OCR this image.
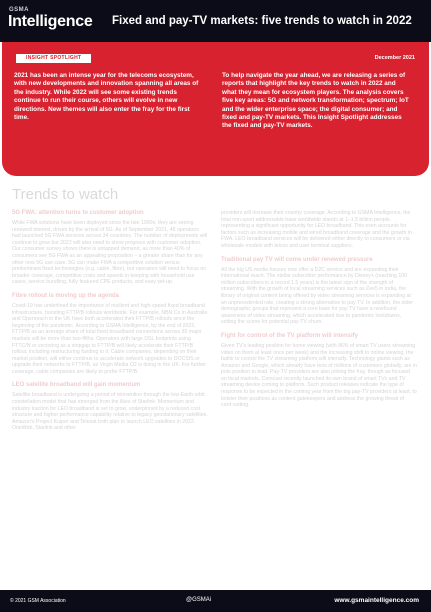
GSMA
Intelligence Fixed and pay-TV markets: five trends to watch in 2022
INSIGHT SPOTLIGHT	December 2021
2021 has been an intense year for the telecoms ecosystem, with new developments and innovation spanning all areas of the industry. While 2022 will see some existing trends continue to run their course, others will evolve in new directions. New themes will also enter the fray for the first time.
To help navigate the year ahead, we are releasing a series of reports that highlight the key trends to watch in 2022 and what they mean for ecosystem players. The analysis covers five key areas: 5G and network transformation; spectrum; IoT and the wider enterprise space; the digital consumer; and fixed and pay-TV markets. This Insight Spotlight addresses the fixed and pay-TV markets.
Trends to watch
5G FWA: attention turns to customer adoption
While FWA solutions have been deployed since the late 1990s, they are seeing renewed interest, driven by the arrival of 5G. As of September 2021, 48 operators had launched 5G FWA services across 34 countries. The number of deployments will continue to grow but 2022 will also need to show progress with customer adoption. Our consumer survey shows there is untapped demand, as more than 40% of consumers see 5G FWA as an appealing proposition – a greater share than for any other new 5G use case. 5G can make FWA a competitive solution versus predominant fixed technologies (e.g. cable, fibre), but operators will need to focus on broader coverage, competitive costs and speeds in keeping with household use cases, service bundling, fully featured CPE products, and easy set-up.
Fibre rollout is moving up the agenda
Covid-19 has underlined the importance of resilient and high-speed fixed broadband infrastructure, boosting FTTP/B rollouts worldwide. For example, NBN Co in Australia and Openreach in the UK have both accelerated their FTTP/B rollouts since the beginning of the pandemic. According to GSMA Intelligence, by the end of 2022, FTTP/B as an average share of total fixed broadband connections across 30 major markets will be more than two-fifths. Operators with large DSL footprints using FTTC/N or vectoring as a stopgap to FTTP/B will likely accelerate their FTTP/B rollout, including restructuring funding to it. Cable companies, depending on their market position, will either continue to accelerate network upgrades to DOCSIS or upgrade their networks to FTTP/B, as Virgin Media O2 is doing in the UK. For further coverage, cable companies are likely to prefer FTTP/B.
LEO satellite broadband will gain momentum
Satellite broadband is undergoing a period of reinvention through the low-Earth orbit constellation model that has emerged from the likes of Starlink. Momentum and industry traction for LEO broadband is set to grow, underpinned by a reduced cost structure and higher performance capability relative to legacy geostationary satellites. Amazon's Project Kuiper and Telesat both plan to launch LEO satellites in 2022. OneWeb, Starlink and other
providers will increase their country coverage. According to GSMA Intelligence, the total non-sport addressable base worldwide stands at 1–1.5 billion people, representing a significant opportunity for LEO broadband. This even accounts for factors such as increasing mobile and wired broadband coverage and the growth in FWA. LEO broadband services will be delivered either directly to consumers or via wholesale models with telcos and user terminal suppliers.
Traditional pay TV will come under renewed pressure
All the big US media houses now offer a D2C service and are expanding their international reach. The stellar subscriber performance by Disney+ (reaching 100 million subscribers in a record 1.5 years) is the latest sign of the strength of streaming. With the growth of local streaming services such as Zee5 in India, the library of original content being offered by video streaming services is expanding at an unprecedented rate, creating a strong alternative to pay TV. In addition, the older demographic groups that represent a core base for pay TV have a newfound awareness of video streaming, which accelerated due to pandemic lockdowns, setting the scene for potential pay-TV churn.
Fight for control of the TV platform will intensify
Given TV's leading position for home viewing (with 86% of smart TV users streaming video on them at least once per week) and the increasing shift to online viewing, the battle to control the TV streaming platform will intensify. Technology giants such as Amazon and Google, which already have tens of millions of customers globally, are in pole position to lead. Pay-TV providers are also joining the fray, though as focused on local markets. Comcast recently launched its own brand of smart TVs and TV streaming device coming to platform. Such product releases indicate the type of response to be expected in the coming year from the big pay-TV providers at least, to bolster their positions as content gatekeepers and address the growing threat of cord-cutting.
© 2021 GSM Association	@GSMAi	www.gsmaintelligence.com
